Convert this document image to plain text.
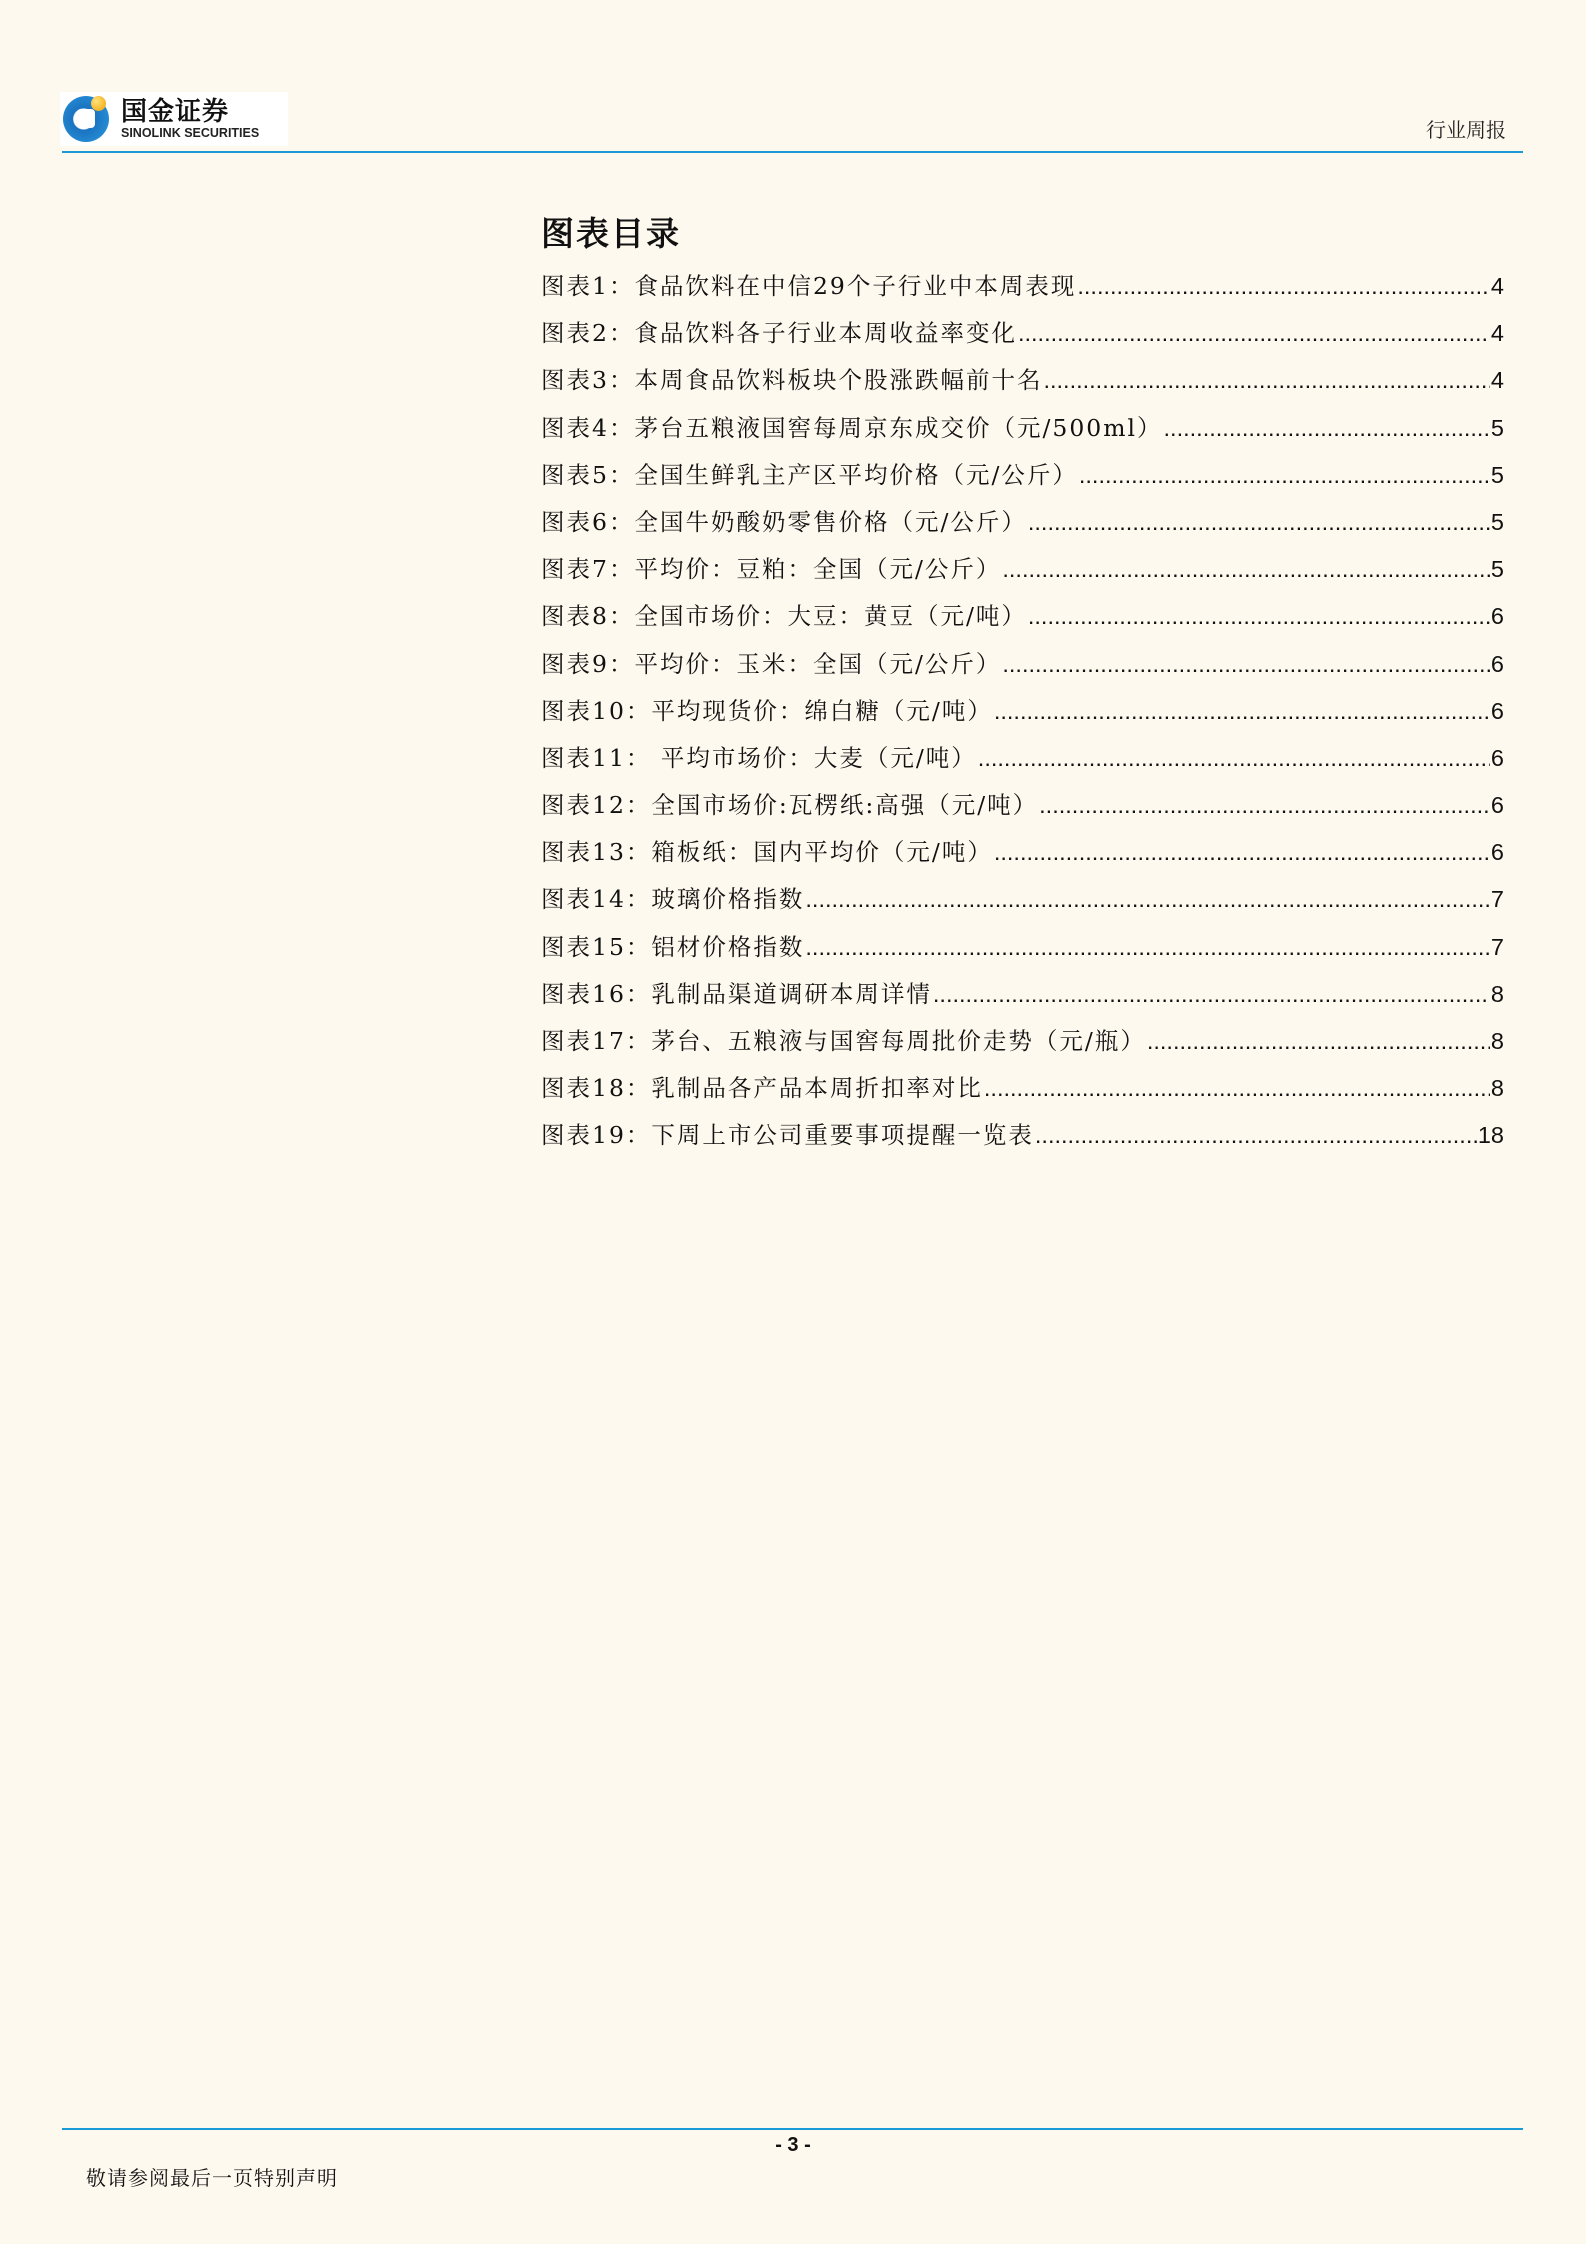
国金证券
SINOLINK SECURITIES	行业周报
图表目录
图表1：食品饮料在中信29个子行业中本周表现 .....	4
图表2：食品饮料各子行业本周收益率变化 .....	4
图表3：本周食品饮料板块个股涨跌幅前十名 .....	4
图表4：茅台五粮液国窖每周京东成交价（元/500ml） .....	5
图表5：全国生鲜乳主产区平均价格（元/公斤） .....	5
图表6：全国牛奶酸奶零售价格（元/公斤） .....	5
图表7：平均价：豆粕：全国（元/公斤） .....	5
图表8：全国市场价：大豆：黄豆（元/吨） .....	6
图表9：平均价：玉米：全国（元/公斤） .....	6
图表10：平均现货价：绵白糖（元/吨） .....	6
图表11： 平均市场价：大麦（元/吨） .....	6
图表12：全国市场价:瓦楞纸:高强（元/吨） .....	6
图表13：箱板纸：国内平均价（元/吨） .....	6
图表14：玻璃价格指数 .....	7
图表15：铝材价格指数 .....	7
图表16：乳制品渠道调研本周详情 .....	8
图表17：茅台、五粮液与国窖每周批价走势（元/瓶） .....	8
图表18：乳制品各产品本周折扣率对比 .....	8
图表19：下周上市公司重要事项提醒一览表 .....	18
- 3 -
敬请参阅最后一页特别声明
